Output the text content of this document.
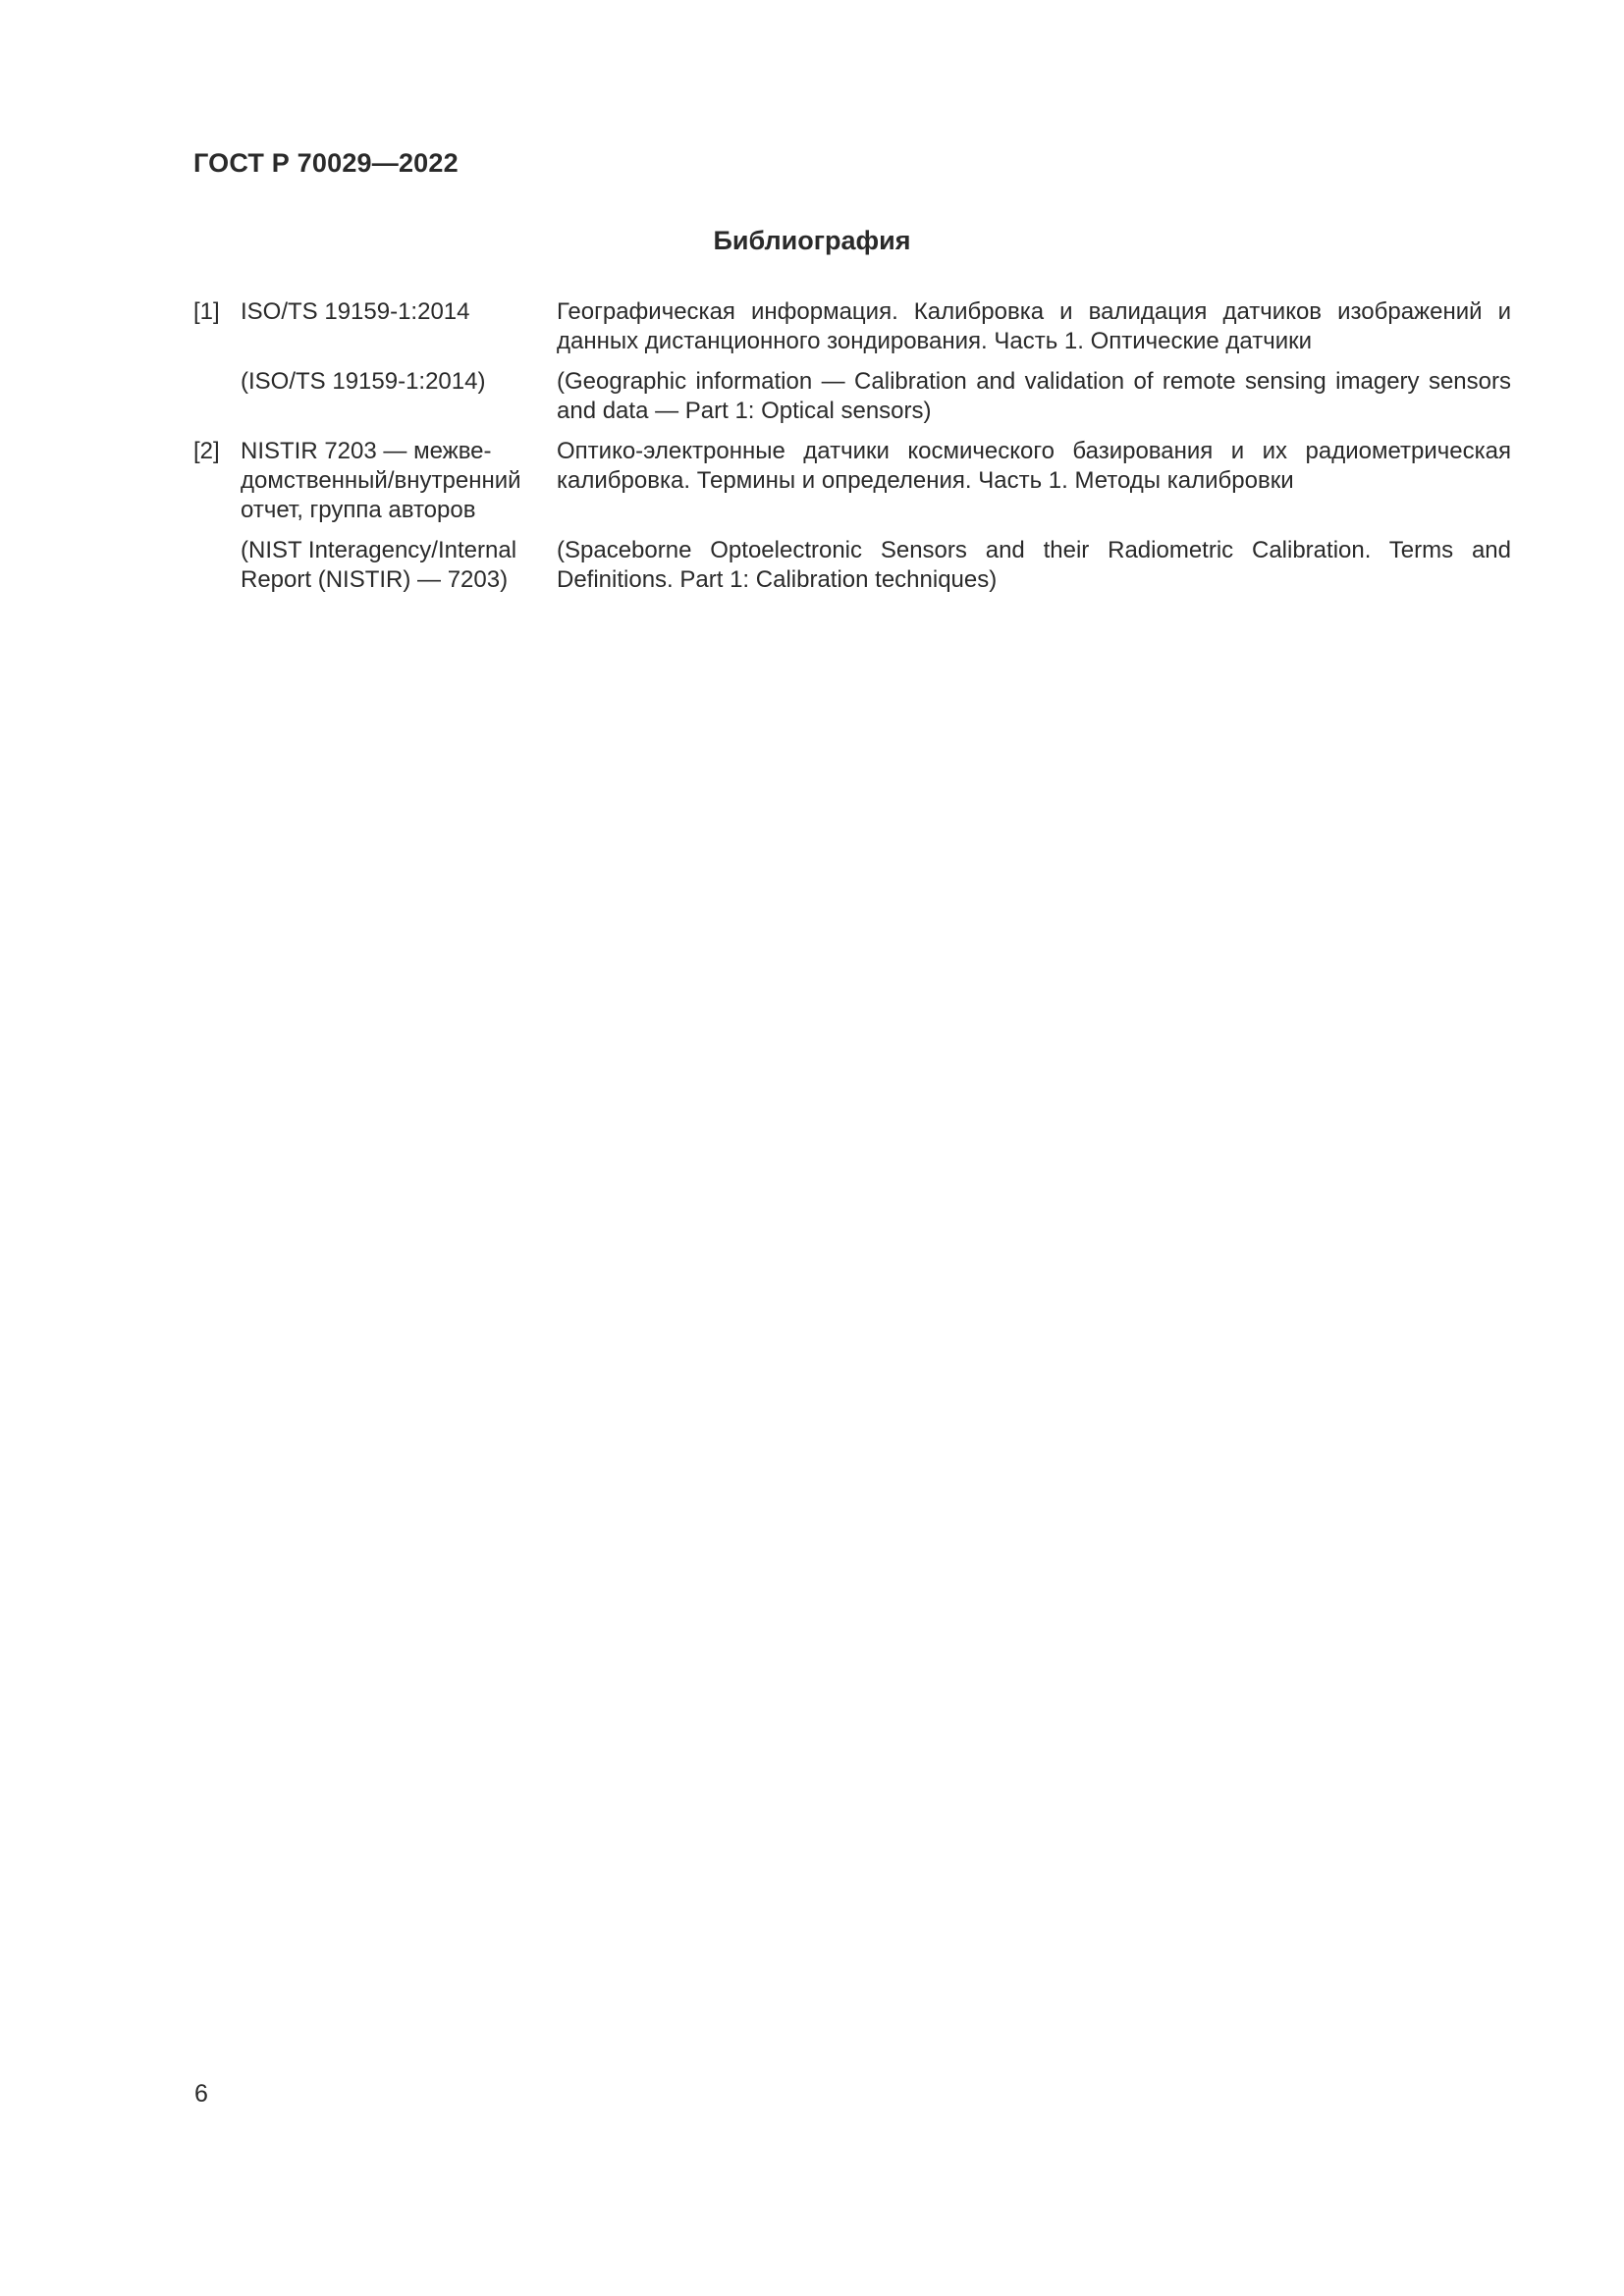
ГОСТ Р 70029—2022

Библиография
[1] ISO/TS 19159-1:2014	Географическая информация. Калибровка и валидация датчиков изображений и данных дистанционного зондирования. Часть 1. Оптические датчики
(ISO/TS 19159-1:2014)	(Geographic information — Calibration and validation of remote sensing imagery sensors and data — Part 1: Optical sensors)
[2] NISTIR 7203 — межве- домственный/внутренний отчет, группа авторов
Оптико-электронные датчики космического базирования и их радиометрическая калибровка. Термины и определения. Часть 1. Методы калибровки
(NIST Interagency/Internal Report (NISTIR) — 7203)
(Spaceborne Optoelectronic Sensors and their Radiometric Calibration. Terms and Definitions. Part 1: Calibration techniques)

6
